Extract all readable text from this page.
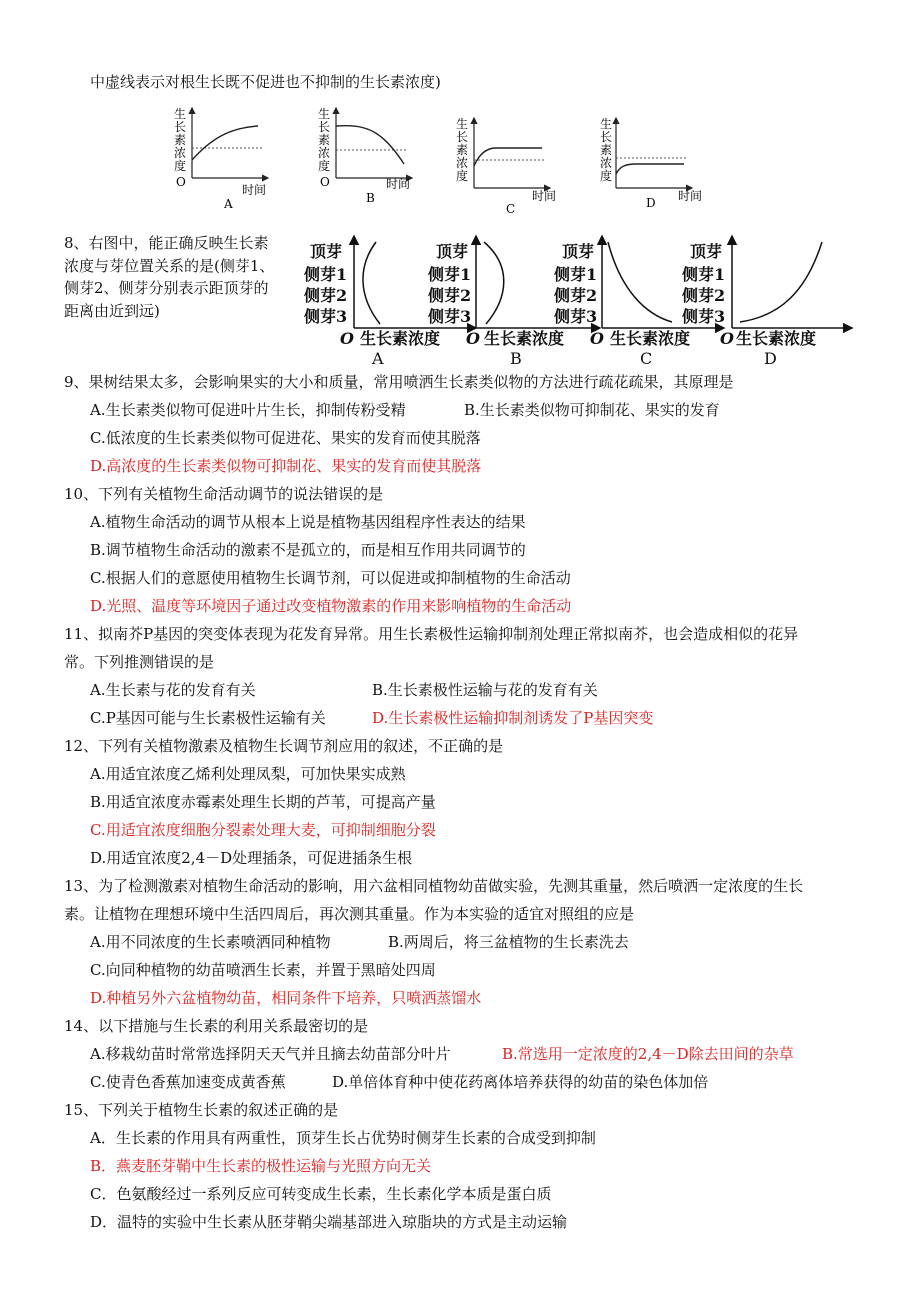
中虚线表示对根生长既不促进也不抑制的生长素浓度)
生
长
素
浓
度
O
时间
A
生
长
素
浓
度
O	时间
B
生
长
素
浓
度
时间
C
生
长
素
浓
度
时间
D
8、右图中，能正确反映生长素
浓度与芽位置关系的是(侧芽1、
侧芽2、侧芽分别表示距顶芽的
距离由近到远)
顶芽
侧芽1
侧芽2
侧芽3
O 生长素浓度
A
顶芽
侧芽1
侧芽2
侧芽3
O 生长素浓度
B
顶芽
侧芽1
侧芽2
侧芽3
O 生长素浓度
C
顶芽
侧芽1
侧芽2
侧芽3
O 生长素浓度
D
9、果树结果太多，会影响果实的大小和质量，常用喷洒生长素类似物的方法进行疏花疏果，其原理是
A.生长素类似物可促进叶片生长，抑制传粉受精	B.生长素类似物可抑制花、果实的发育
C.低浓度的生长素类似物可促进花、果实的发育而使其脱落
D.高浓度的生长素类似物可抑制花、果实的发育而使其脱落
10、下列有关植物生命活动调节的说法错误的是
A.植物生命活动的调节从根本上说是植物基因组程序性表达的结果
B.调节植物生命活动的激素不是孤立的，而是相互作用共同调节的
C.根据人们的意愿使用植物生长调节剂，可以促进或抑制植物的生命活动
D.光照、温度等环境因子通过改变植物激素的作用来影响植物的生命活动
11、拟南芥P基因的突变体表现为花发育异常。用生长素极性运输抑制剂处理正常拟南芥，也会造成相似的花异
常。下列推测错误的是
A.生长素与花的发育有关	B.生长素极性运输与花的发育有关
C.P基因可能与生长素极性运输有关	D.生长素极性运输抑制剂诱发了P基因突变
12、下列有关植物激素及植物生长调节剂应用的叙述，不正确的是
A.用适宜浓度乙烯利处理凤梨，可加快果实成熟
B.用适宜浓度赤霉素处理生长期的芦苇，可提高产量
C.用适宜浓度细胞分裂素处理大麦，可抑制细胞分裂
D.用适宜浓度2,4－D处理插条，可促进插条生根
13、为了检测激素对植物生命活动的影响，用六盆相同植物幼苗做实验，先测其重量，然后喷洒一定浓度的生长
素。让植物在理想环境中生活四周后，再次测其重量。作为本实验的适宜对照组的应是
A.用不同浓度的生长素喷洒同种植物	B.两周后，将三盆植物的生长素洗去
C.向同种植物的幼苗喷洒生长素，并置于黑暗处四周
D.种植另外六盆植物幼苗，相同条件下培养，只喷洒蒸馏水
14、以下措施与生长素的利用关系最密切的是
A.移栽幼苗时常常选择阴天天气并且摘去幼苗部分叶片	B.常选用一定浓度的2,4－D除去田间的杂草
C.使青色香蕉加速变成黄香蕉	D.单倍体育种中使花药离体培养获得的幼苗的染色体加倍
15、下列关于植物生长素的叙述正确的是
A．生长素的作用具有两重性，顶芽生长占优势时侧芽生长素的合成受到抑制
B．燕麦胚芽鞘中生长素的极性运输与光照方向无关
C．色氨酸经过一系列反应可转变成生长素，生长素化学本质是蛋白质
D．温特的实验中生长素从胚芽鞘尖端基部进入琼脂块的方式是主动运输
